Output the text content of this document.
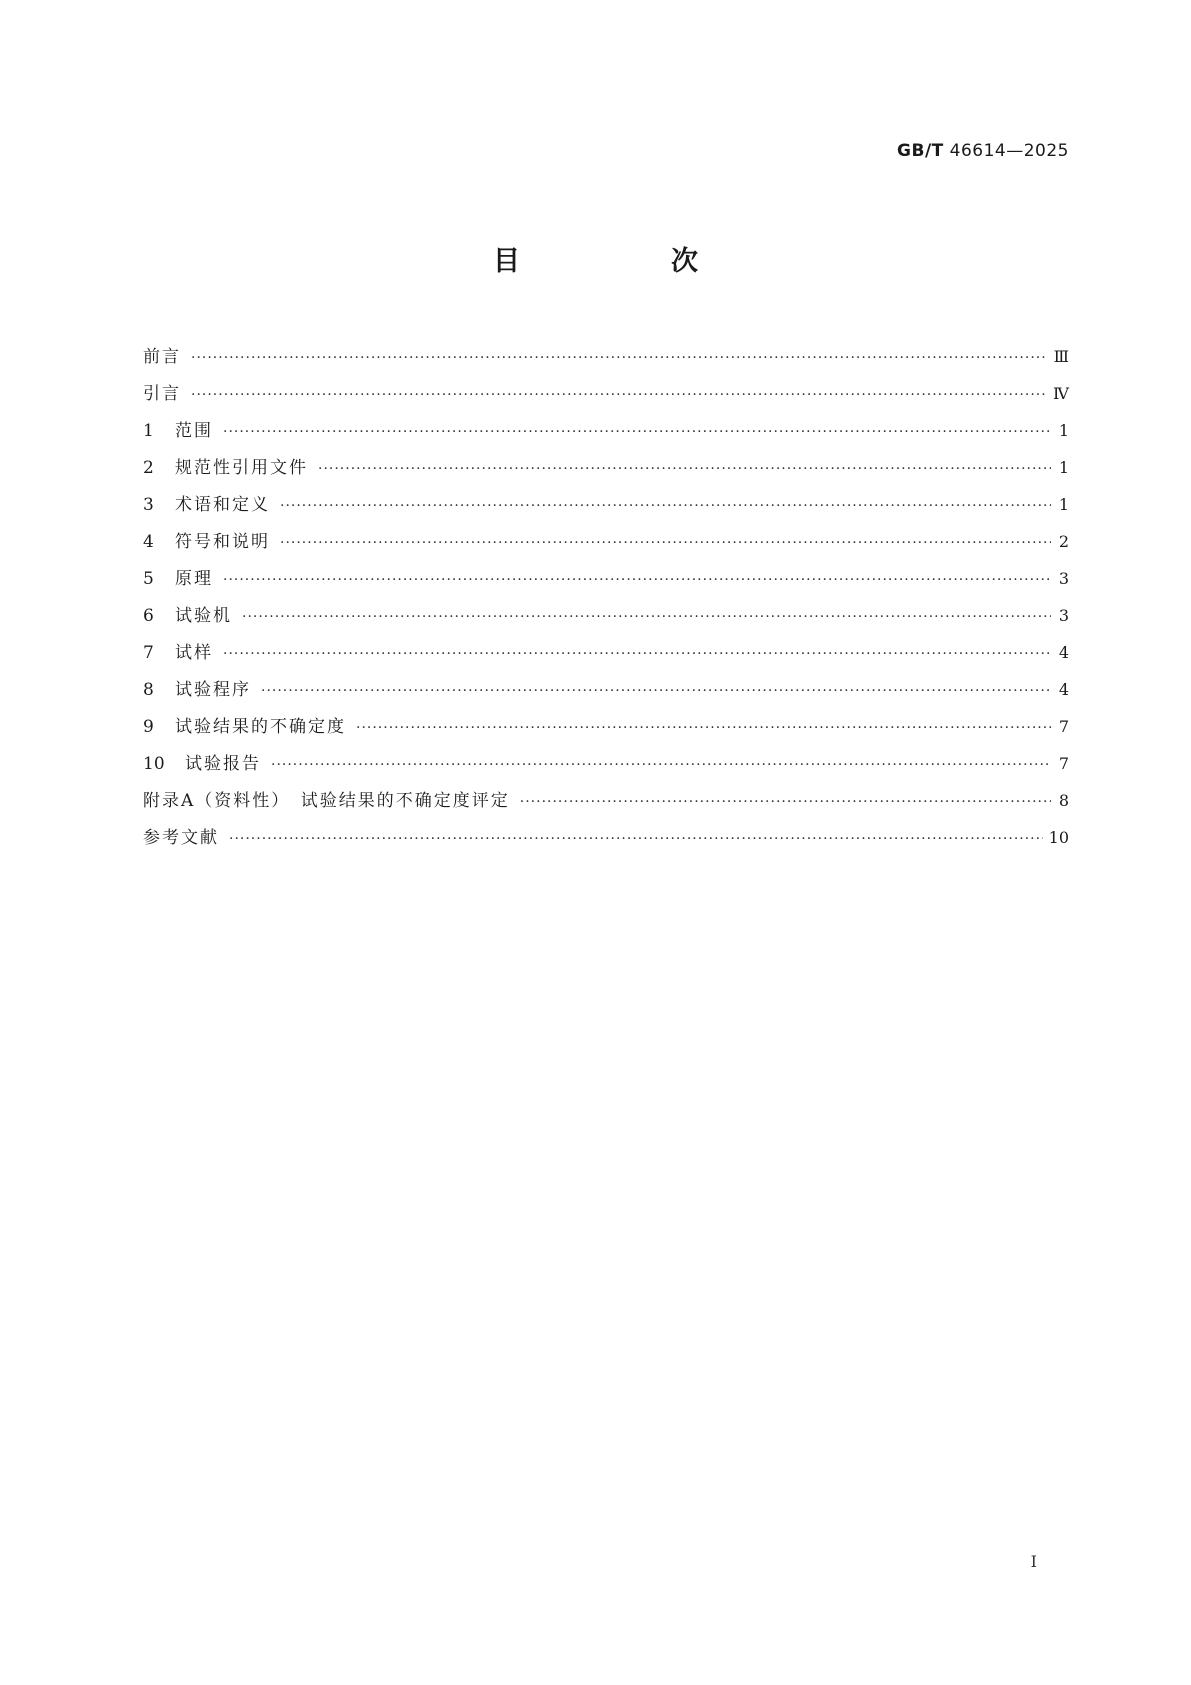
GB/T 46614—2025
目　次
前言 ·····	Ⅲ
引言 ·····	Ⅳ
1 范围 ·····	1
2 规范性引用文件 ·····	1
3 术语和定义 ·····	1
4 符号和说明 ·····	2
5 原理 ·····	3
6 试验机 ·····	3
7 试样 ·····	4
8 试验程序 ·····	4
9 试验结果的不确定度 ·····	7
10 试验报告 ·····	7
附录A（资料性）　试验结果的不确定度评定 ·····	8
参考文献 ·····	10
Ⅰ
